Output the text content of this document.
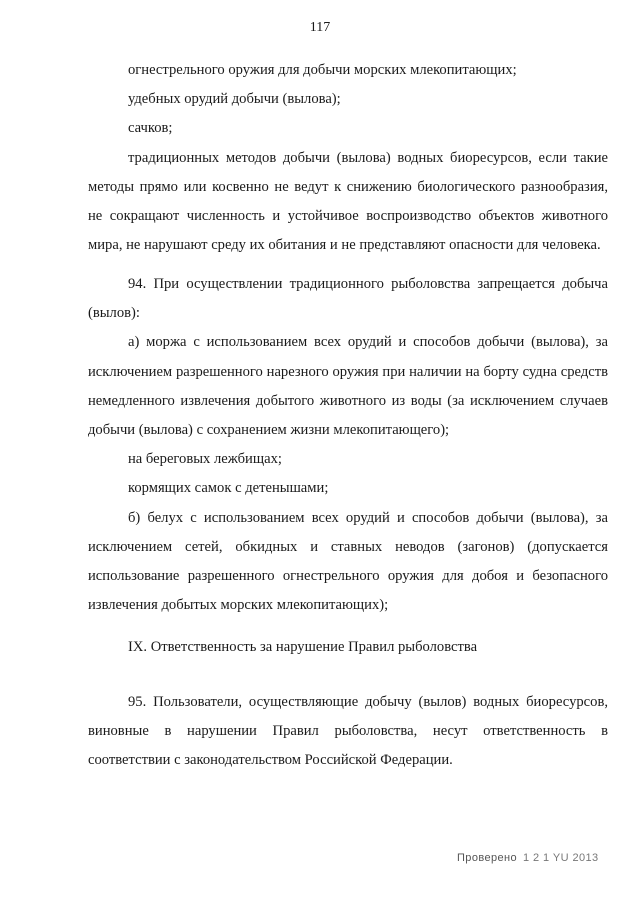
117

огнестрельного оружия для добычи морских млекопитающих;

удебных орудий добычи (вылова);

сачков;

традиционных методов добычи (вылова) водных биоресурсов, если такие методы прямо или косвенно не ведут к снижению биологического разнообразия, не сокращают численность и устойчивое воспроизводство объектов животного мира, не нарушают среду их обитания и не представляют опасности для человека.

94. При осуществлении традиционного рыболовства запрещается добыча (вылов):

а) моржа с использованием всех орудий и способов добычи (вылова), за исключением разрешенного нарезного оружия при наличии на борту судна средств немедленного извлечения добытого животного из воды (за исключением случаев добычи (вылова) с сохранением жизни млекопитающего);

на береговых лежбищах;

кормящих самок с детенышами;

б) белух с использованием всех орудий и способов добычи (вылова), за исключением сетей, обкидных и ставных неводов (загонов) (допускается использование разрешенного огнестрельного оружия для добоя и безопасного извлечения добытых морских млекопитающих);

IX. Ответственность за нарушение Правил рыболовства

95. Пользователи, осуществляющие добычу (вылов) водных биоресурсов, виновные в нарушении Правил рыболовства, несут ответственность в соответствии с законодательством Российской Федерации.

Проверено 1 2 1 YU 2013
